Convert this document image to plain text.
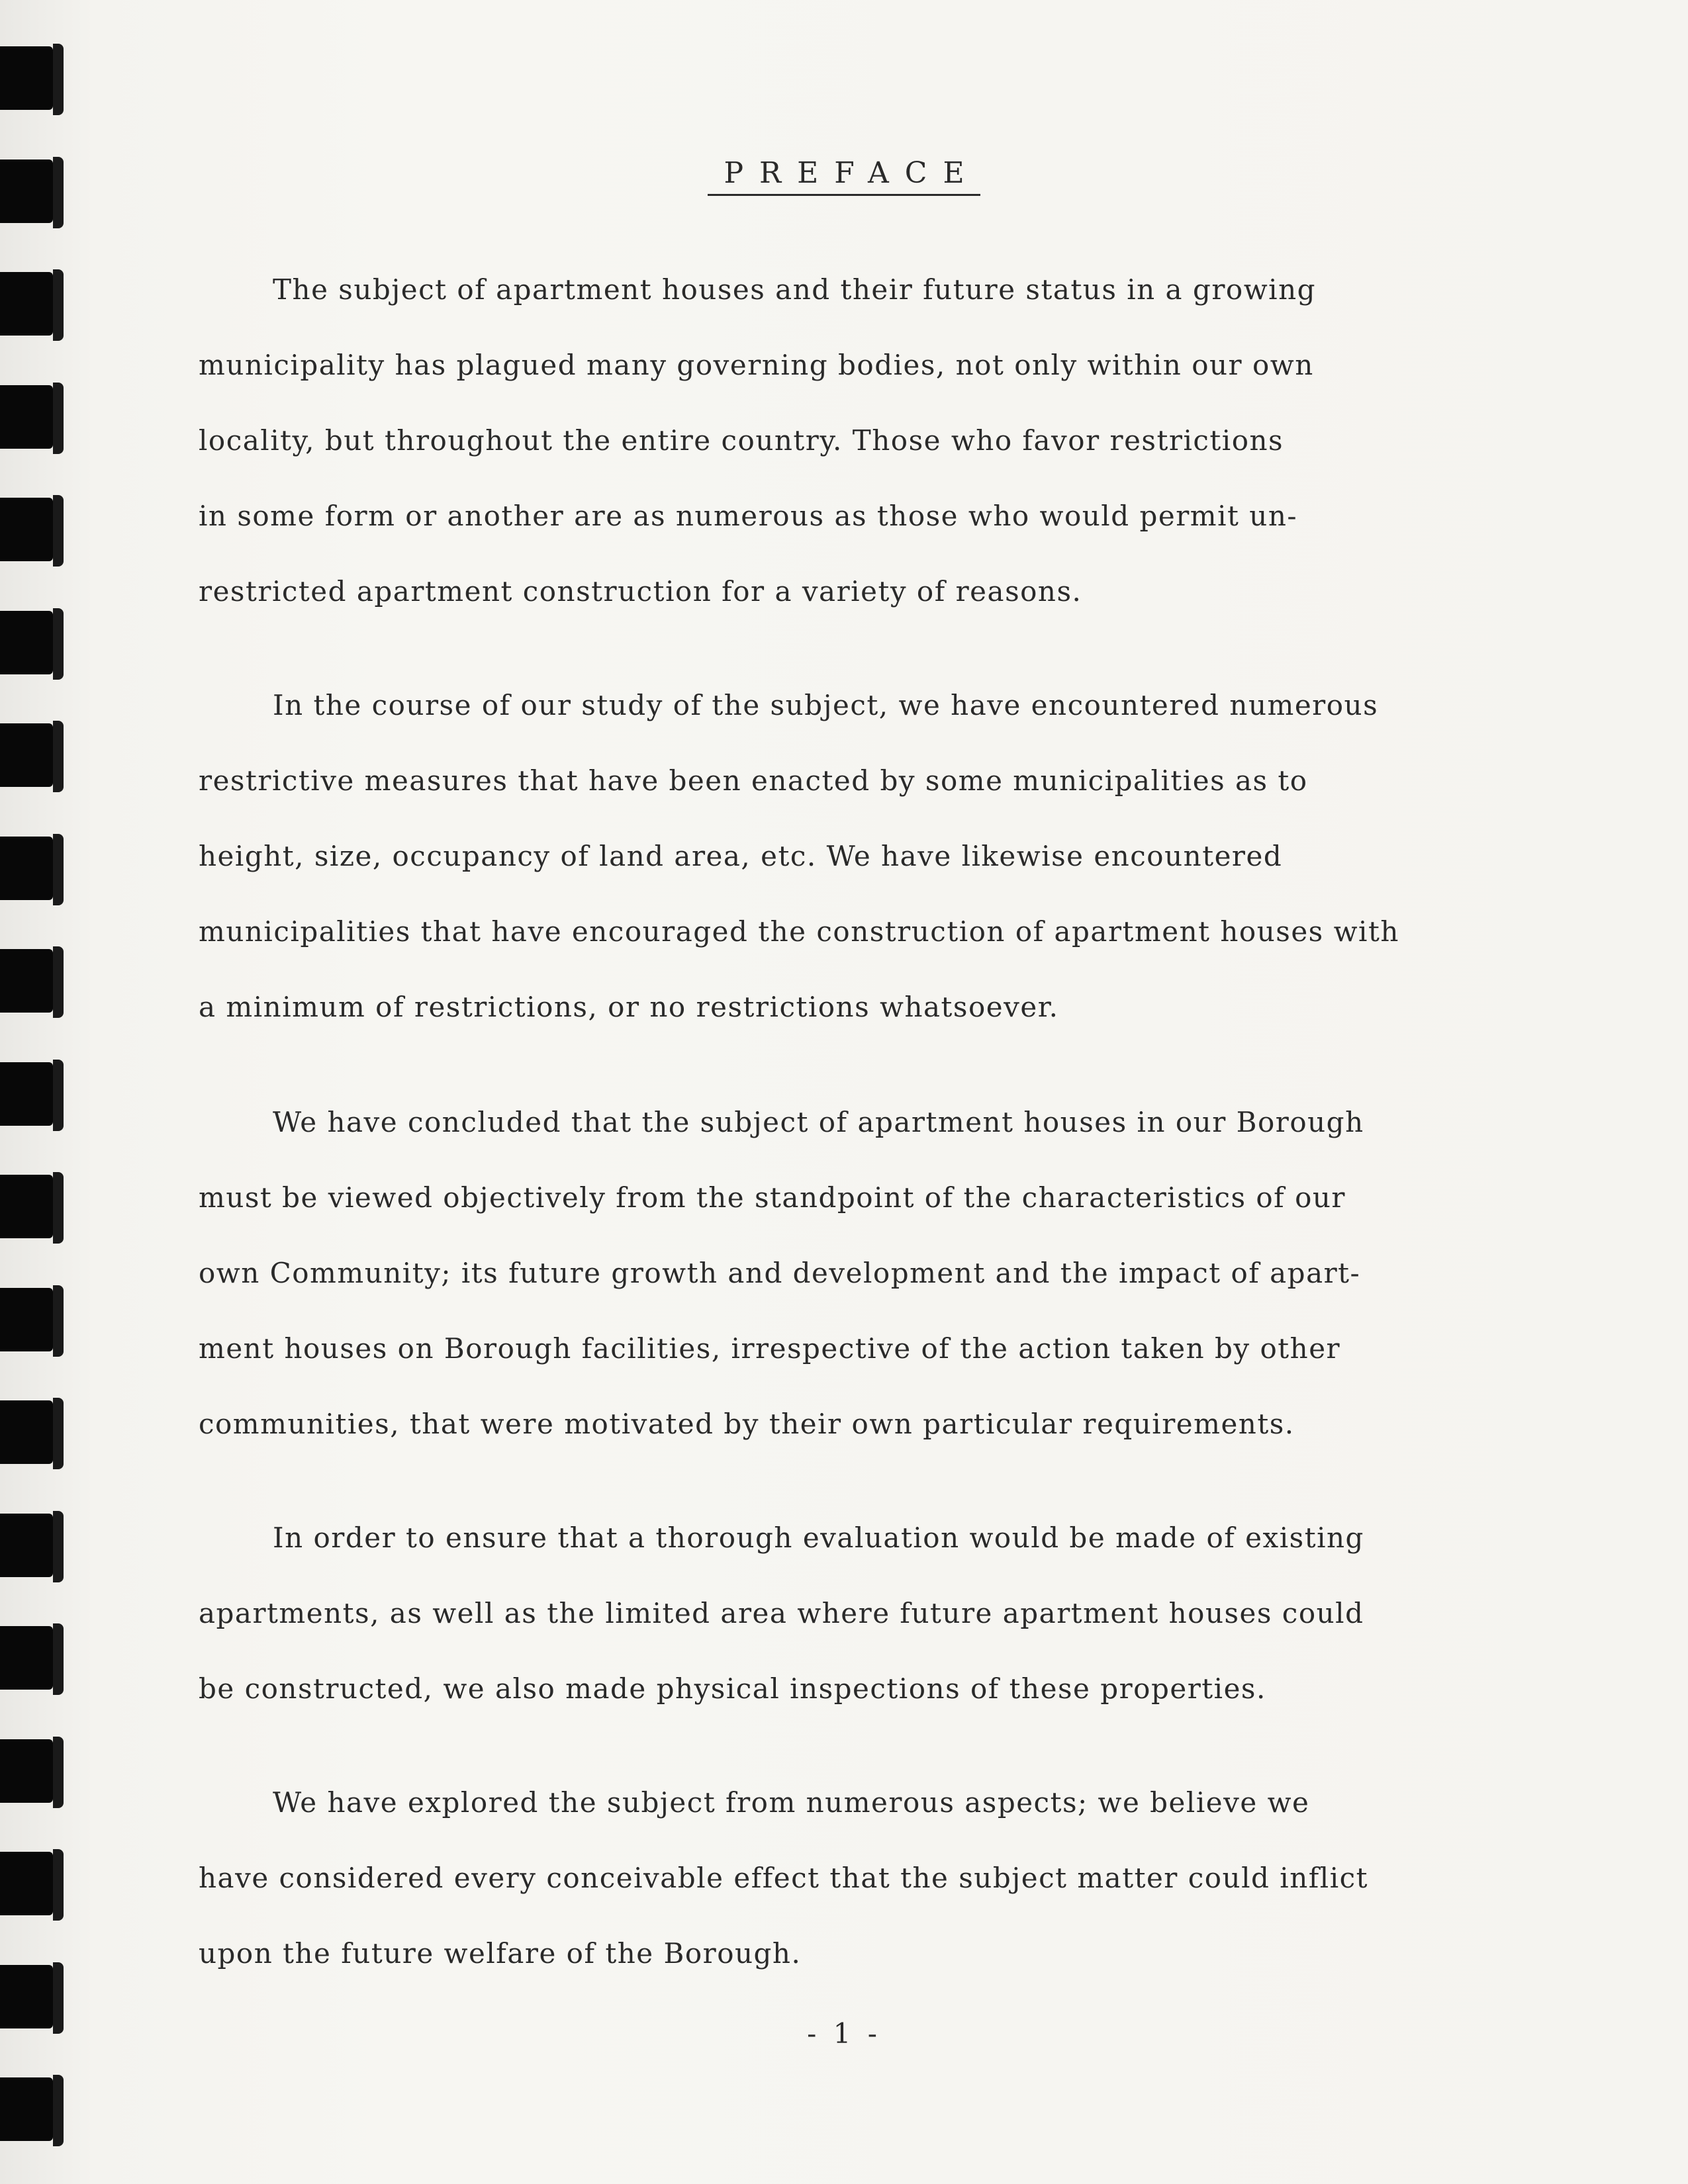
PREFACE
The subject of apartment houses and their future status in a growing
municipality has plagued many governing bodies, not only within our own
locality, but throughout the entire country. Those who favor restrictions
in some form or another are as numerous as those who would permit un-
restricted apartment construction for a variety of reasons.
In the course of our study of the subject, we have encountered numerous
restrictive measures that have been enacted by some municipalities as to
height, size, occupancy of land area, etc. We have likewise encountered
municipalities that have encouraged the construction of apartment houses with
a minimum of restrictions, or no restrictions whatsoever.
We have concluded that the subject of apartment houses in our Borough
must be viewed objectively from the standpoint of the characteristics of our
own Community; its future growth and development and the impact of apart-
ment houses on Borough facilities, irrespective of the action taken by other
communities, that were motivated by their own particular requirements.
In order to ensure that a thorough evaluation would be made of existing
apartments, as well as the limited area where future apartment houses could
be constructed, we also made physical inspections of these properties.
We have explored the subject from numerous aspects; we believe we
have considered every conceivable effect that the subject matter could inflict
upon the future welfare of the Borough.
- 1 -
